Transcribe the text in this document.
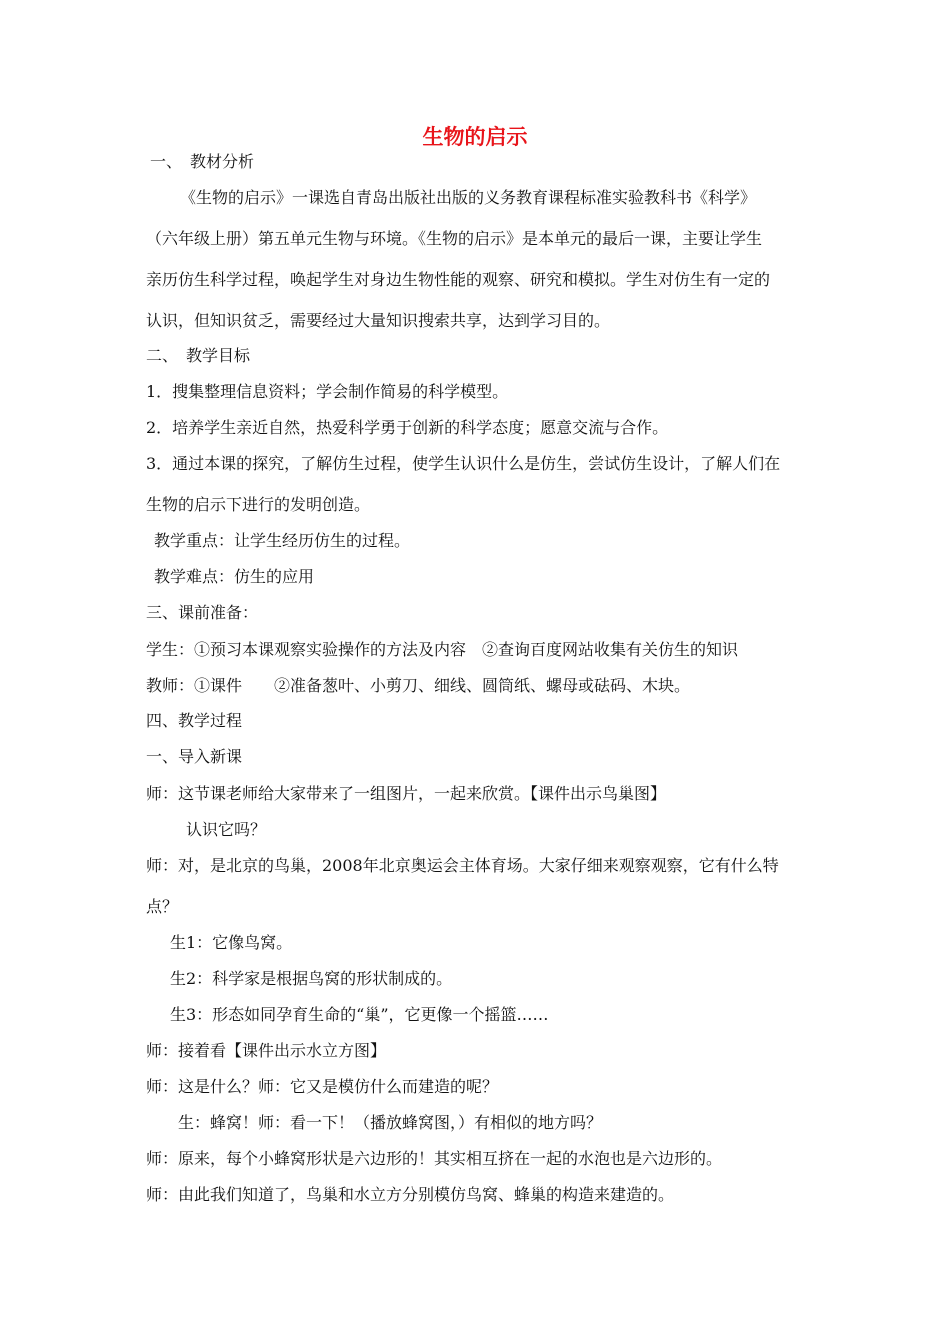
生物的启示
一、　教材分析
《生物的启示》一课选自青岛出版社出版的义务教育课程标准实验教科书《科学》
（六年级上册）第五单元生物与环境。《生物的启示》是本单元的最后一课，主要让学生
亲历仿生科学过程，唤起学生对身边生物性能的观察、研究和模拟。学生对仿生有一定的
认识，但知识贫乏，需要经过大量知识搜索共享，达到学习目的。
二、　教学目标
1．搜集整理信息资料；学会制作简易的科学模型。
2．培养学生亲近自然，热爱科学勇于创新的科学态度；愿意交流与合作。
3．通过本课的探究，了解仿生过程，使学生认识什么是仿生，尝试仿生设计，了解人们在
生物的启示下进行的发明创造。
教学重点：让学生经历仿生的过程。
教学难点：仿生的应用
三、课前准备：
学生：①预习本课观察实验操作的方法及内容　②查询百度网站收集有关仿生的知识
教师：①课件　　②准备葱叶、小剪刀、细线、圆筒纸、螺母或砝码、木块。
四、教学过程
一、导入新课
师：这节课老师给大家带来了一组图片，一起来欣赏。【课件出示鸟巢图】
认识它吗？
师：对，是北京的鸟巢，2008年北京奥运会主体育场。大家仔细来观察观察，它有什么特
点？
生1：它像鸟窝。
生2：科学家是根据鸟窝的形状制成的。
生3：形态如同孕育生命的“巢”，它更像一个摇篮……
师：接着看【课件出示水立方图】
师：这是什么？师：它又是模仿什么而建造的呢？
生：蜂窝！师：看一下！（播放蜂窝图，）有相似的地方吗？
师：原来，每个小蜂窝形状是六边形的！其实相互挤在一起的水泡也是六边形的。
师：由此我们知道了，鸟巢和水立方分别模仿鸟窝、蜂巢的构造来建造的。
